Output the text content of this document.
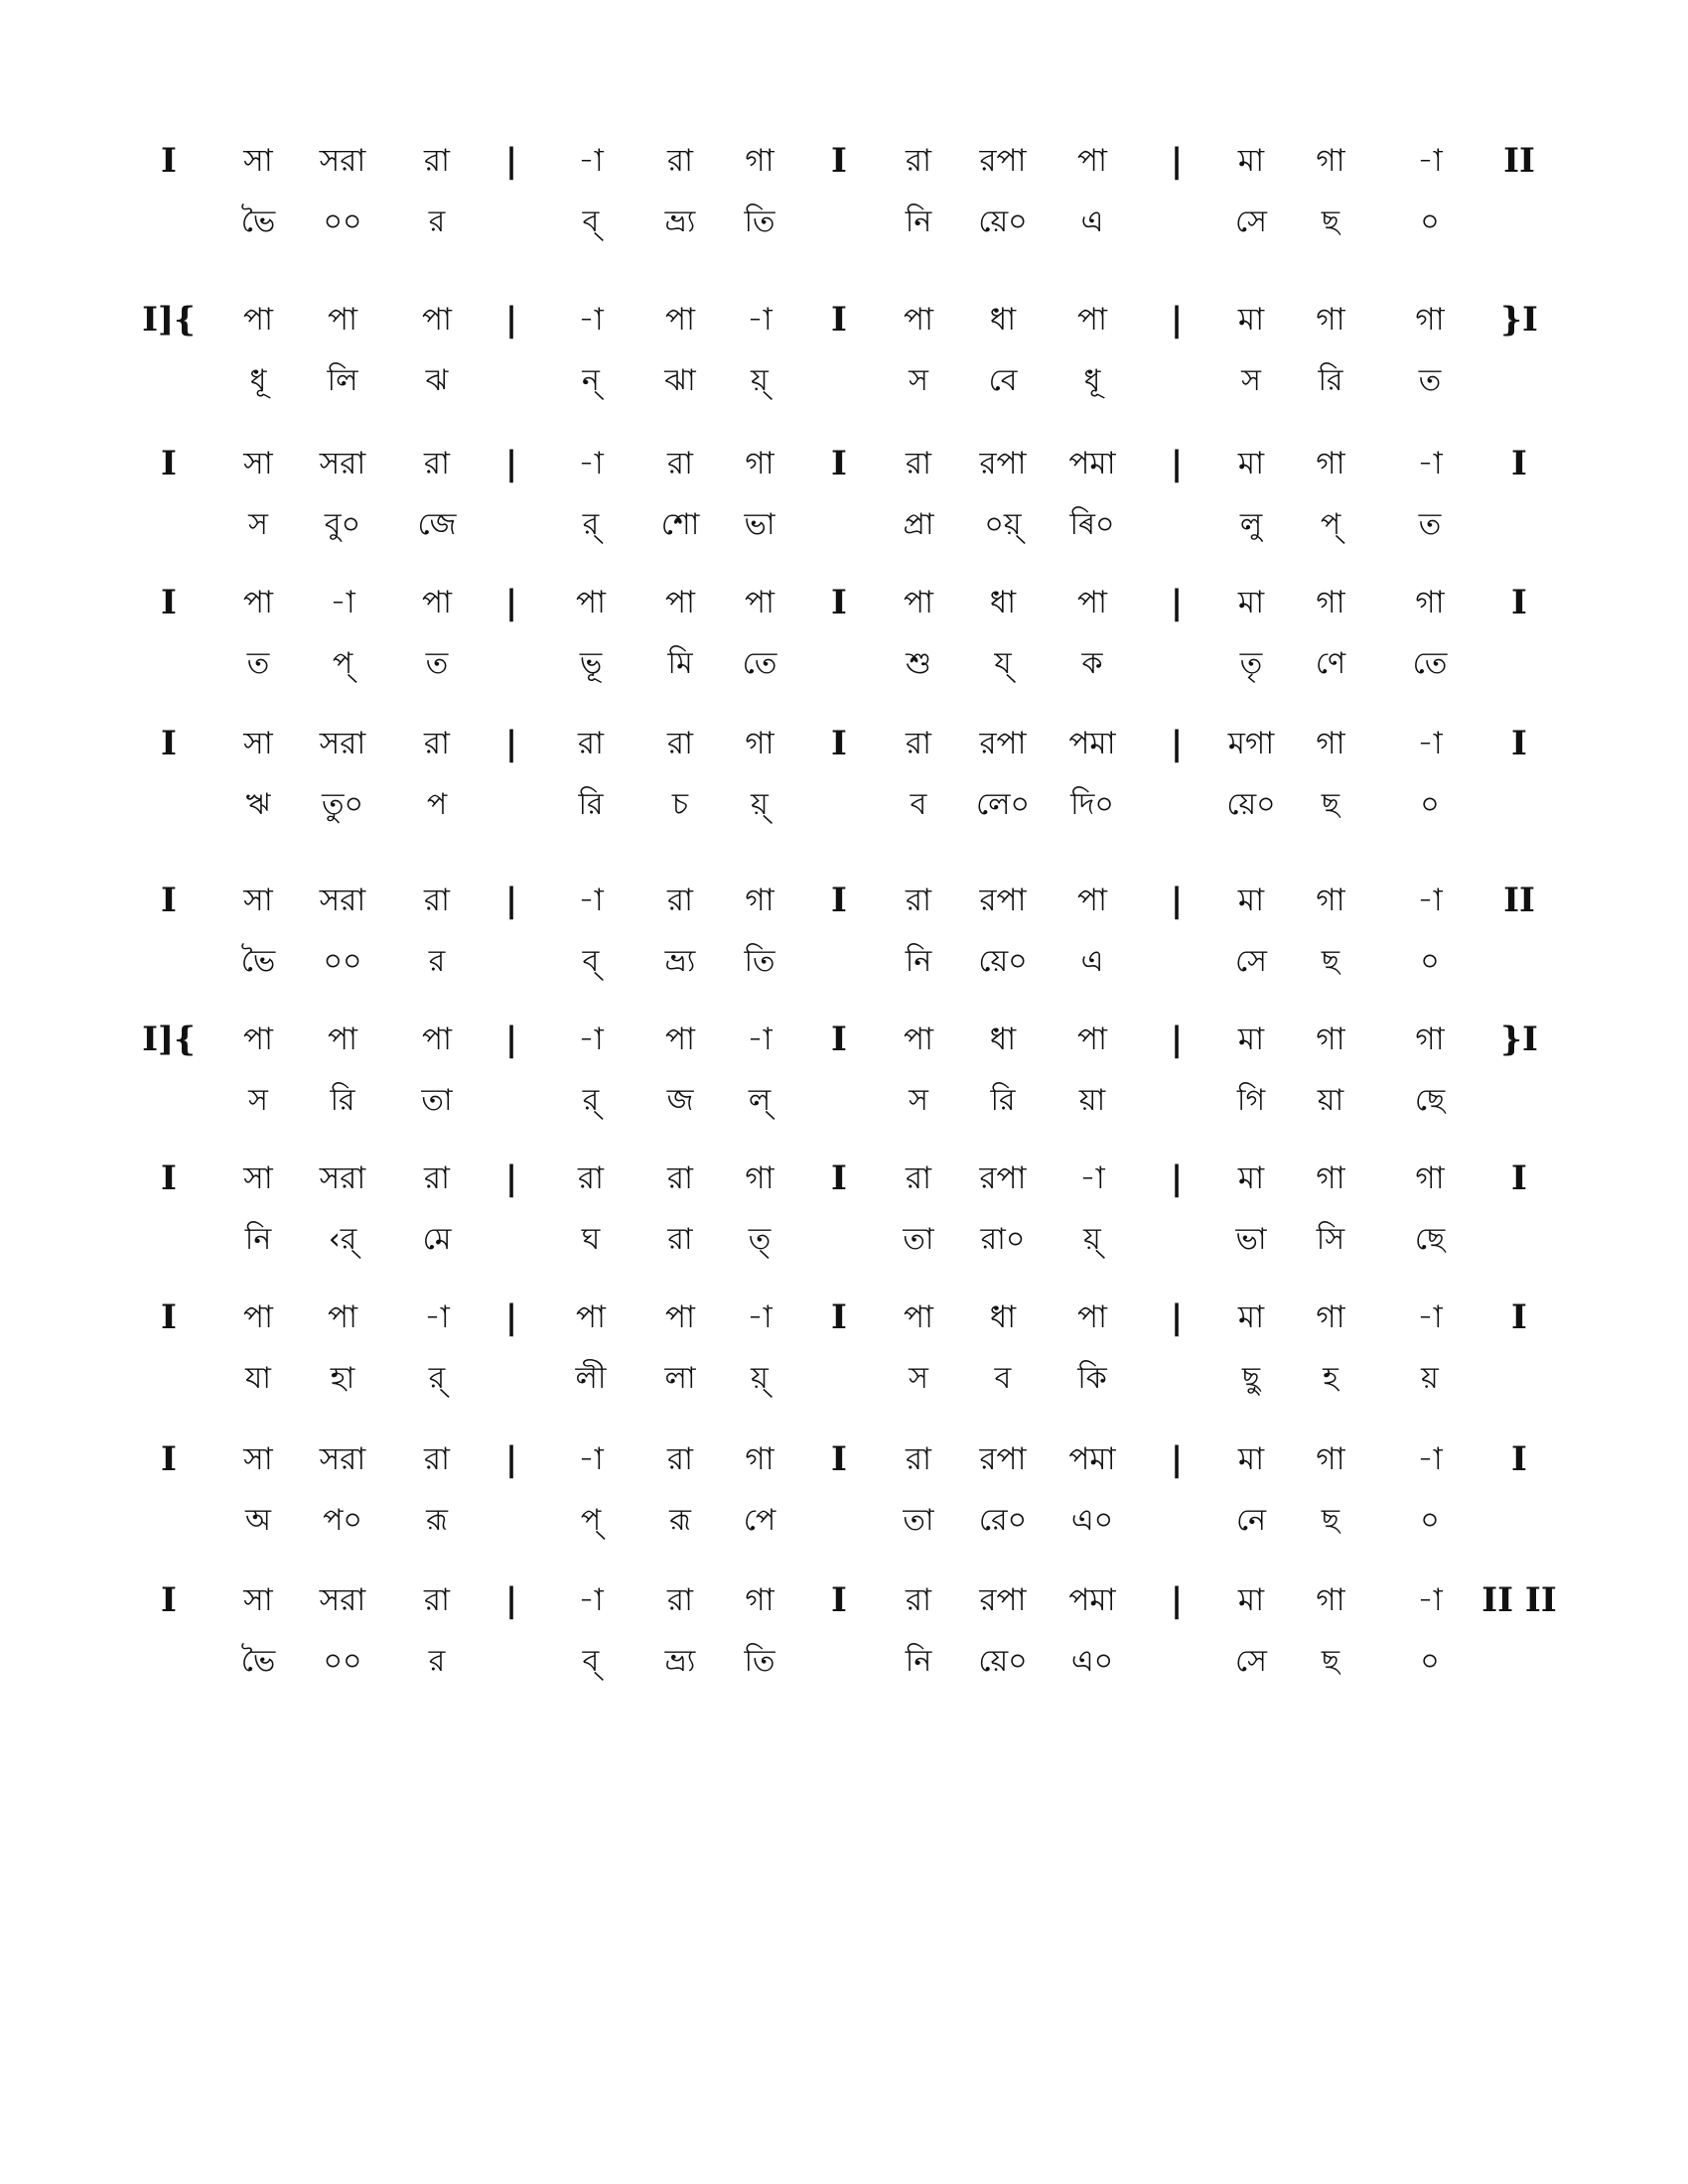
I	সা	সরা	রা	|	-া	রা	গা	I	রা	রপা	পা	|	মা	গা	-া	II
ভৈ	০০	র	ব্	ভ্র্য	তি	নি	য়ে০	এ	সে	ছ	০
I]{	পা	পা	পা	|	-া	পা	-া	I	পা	ধা	পা	|	মা	গা	গা	}I
ধূ	লি	ঝ	ন্	ঝা	য়্	স	বে	ধূ	স	রি	ত
I	সা	সরা	রা	|	-া	রা	গা	I	রা	রপা	পমা	|	মা	গা	-া	I
স	বু০	জে	র্	শো	ভা	প্রা	০য়্	ৰি০	লু	প্	ত
I	পা	-া	পা	|	পা	পা	পা	I	পা	ধা	পা	|	মা	গা	গা	I
ত	প্	ত	ভূ	মি	তে	শু	য্	ক	তৃ	ণে	তে
I	সা	সরা	রা	|	রা	রা	গা	I	রা	রপা	পমা	|	মগা	গা	-া	I
ঋ	তু০	প	রি	চ	য়্	ব	লে০	দি০	য়ে০	ছ	০
I	সা	সরা	রা	|	-া	রা	গা	I	রা	রপা	পা	|	মা	গা	-া	II
ভৈ	০০	র	ব্	ভ্র্য	তি	নি	য়ে০	এ	সে	ছ	০
I]{	পা	পা	পা	|	-া	পা	-া	I	পা	ধা	পা	|	মা	গা	গা	}I
স	রি	তা	র্	জ	ল্	স	রি	য়া	গি	য়া	ছে
I	সা	সরা	রা	|	রা	রা	গা	I	রা	রপা	-া	|	মা	গা	গা	I
নি	‹র্	মে	ঘ	রা	ত্	তা	রা০	য়্	ভা	সি	ছে
I	পা	পা	-া	|	পা	পা	-া	I	পা	ধা	পা	|	মা	গা	-া	I
যা	হা	র্	লী	লা	য়্	স	ব	কি	ছু	হ	য়
I	সা	সরা	রা	|	-া	রা	গা	I	রা	রপা	পমা	|	মা	গা	-া	I
অ	প০	রূ	প্	রূ	পে	তা	রে০	এ০	নে	ছ	০
I	সা	সরা	রা	|	-া	রা	গা	I	রা	রপা	পমা	|	মা	গা	-া	II II
ভৈ	০০	র	ব্	ভ্র্য	তি	নি	য়ে০	এ০	সে	ছ	০
